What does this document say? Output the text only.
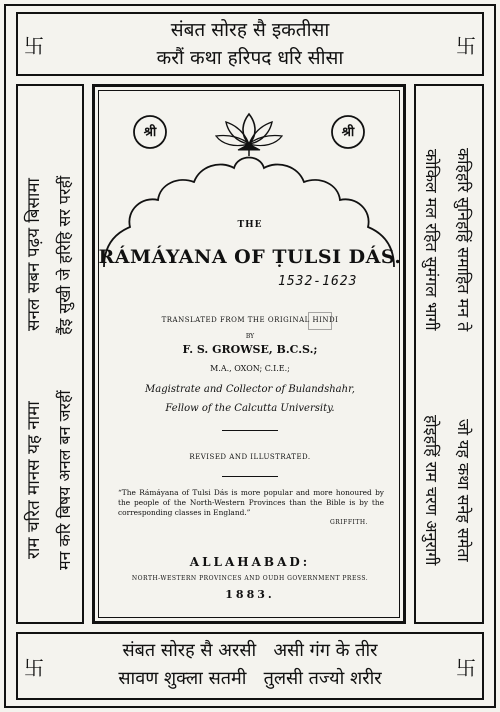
卐	卐
卐	卐
संबत सोरह सै इकतीसा
करौं कथा हरिपद धरि सीसा
संबत सोरह सै अरसी   असी गंग के तीर
सावण शुक्ला सतमी   तुलसी तज्यो शरीर
सनल सबन पढ़य बिसामा हैंइ सुखी जे हरिहि सर परहीं
राम चरित मानस यह नामा मन करि बिषय अनल बन जरहीं
कहिहरि सुनिहहिं समाहित मन ते
कोकिल मल रहित सुमंगल भागी
जो यह कथा सनेह समेता
होइहहिं राम चरण अनुरागी
श्री	श्री
THE
RÁMÁYANA OF ṬULSI DÁS.
1532-1623
TRANSLATED FROM THE ORIGINAL HINDI
BY
F. S. GROWSE, B.C.S.;
M.A., OXON; C.I.E.;
Magistrate and Collector of Bulandshahr,
Fellow of the Calcutta University.
REVISED AND ILLUSTRATED.
“The Rámáyana of Tulsi Dás is more popular and more honoured by the people of the North-Western Provinces than the Bible is by the corresponding classes in England.”
GRIFFITH.
ALLAHABAD:
NORTH-WESTERN PROVINCES AND OUDH GOVERNMENT PRESS.
1883.
